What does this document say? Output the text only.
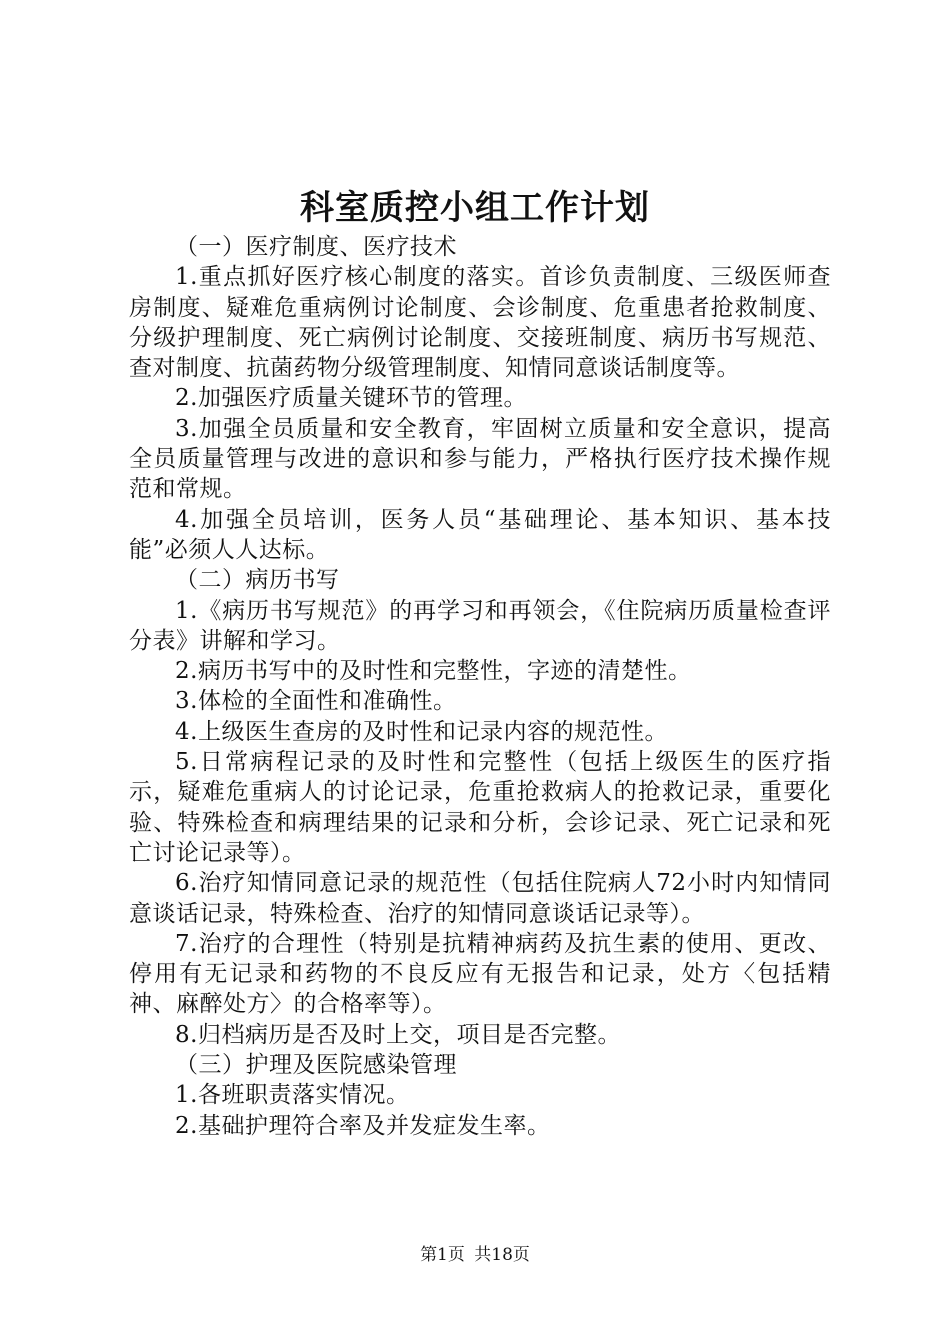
科室质控小组工作计划

（一）医疗制度、医疗技术

1.重点抓好医疗核心制度的落实。首诊负责制度、三级医师查房制度、疑难危重病例讨论制度、会诊制度、危重患者抢救制度、分级护理制度、死亡病例讨论制度、交接班制度、病历书写规范、查对制度、抗菌药物分级管理制度、知情同意谈话制度等。

2.加强医疗质量关键环节的管理。

3.加强全员质量和安全教育，牢固树立质量和安全意识，提高全员质量管理与改进的意识和参与能力，严格执行医疗技术操作规范和常规。

4.加强全员培训，医务人员“基础理论、基本知识、基本技能”必须人人达标。

（二）病历书写

1.《病历书写规范》的再学习和再领会，《住院病历质量检查评分表》讲解和学习。

2.病历书写中的及时性和完整性，字迹的清楚性。

3.体检的全面性和准确性。

4.上级医生查房的及时性和记录内容的规范性。

5.日常病程记录的及时性和完整性（包括上级医生的医疗指示，疑难危重病人的讨论记录，危重抢救病人的抢救记录，重要化验、特殊检查和病理结果的记录和分析，会诊记录、死亡记录和死亡讨论记录等）。

6.治疗知情同意记录的规范性（包括住院病人72小时内知情同意谈话记录，特殊检查、治疗的知情同意谈话记录等）。

7.治疗的合理性（特别是抗精神病药及抗生素的使用、更改、停用有无记录和药物的不良反应有无报告和记录，处方〈包括精神、麻醉处方〉的合格率等）。

8.归档病历是否及时上交，项目是否完整。

（三）护理及医院感染管理

1.各班职责落实情况。

2.基础护理符合率及并发症发生率。

第1页 共18页
